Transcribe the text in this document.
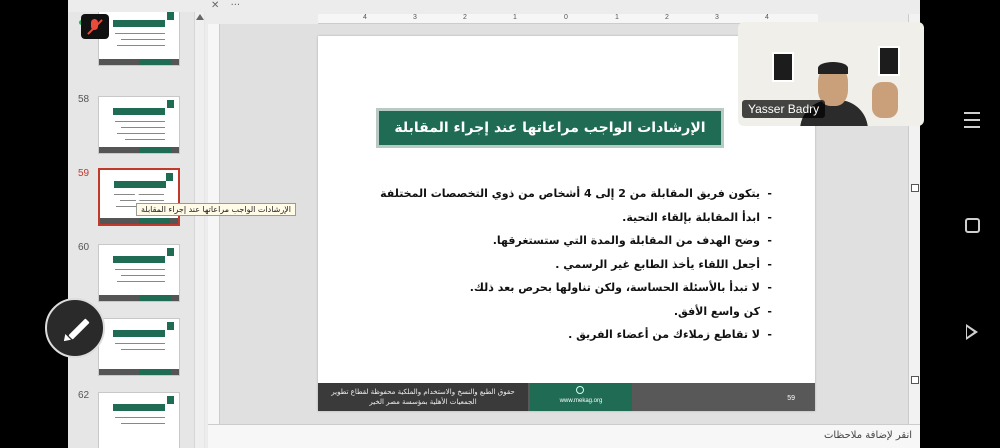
✕ ···
58
59
60
62
4	3	2	1	0	1	2	3	4
الإرشادات الواجب مراعاتها عند إجراء المقابلة
- يتكون فريق المقابلة من 2 إلى 4 أشخاص من ذوي التخصصات المختلفة
- ابدأ المقابلة بإلقاء التحية.
- وضح الهدف من المقابلة والمدة التي ستستغرقها.
- أجعل اللقاء يأخذ الطابع غير الرسمي .
- لا تبدأ بالأسئلة الحساسة، ولكن تناولها بحرص بعد ذلك.
- كن واسع الأفق.
- لا تقاطع زملاءك من أعضاء الفريق .
حقوق الطبع والنسخ والاستخدام والملكية محفوظة لقطاع تطوير الجمعيات الأهلية بمؤسسة مصر الخير	www.mekag.org	59
انقر لإضافة ملاحظات
الإرشادات الواجب مراعاتها عند إجراء المقابلة
Yasser Badry
